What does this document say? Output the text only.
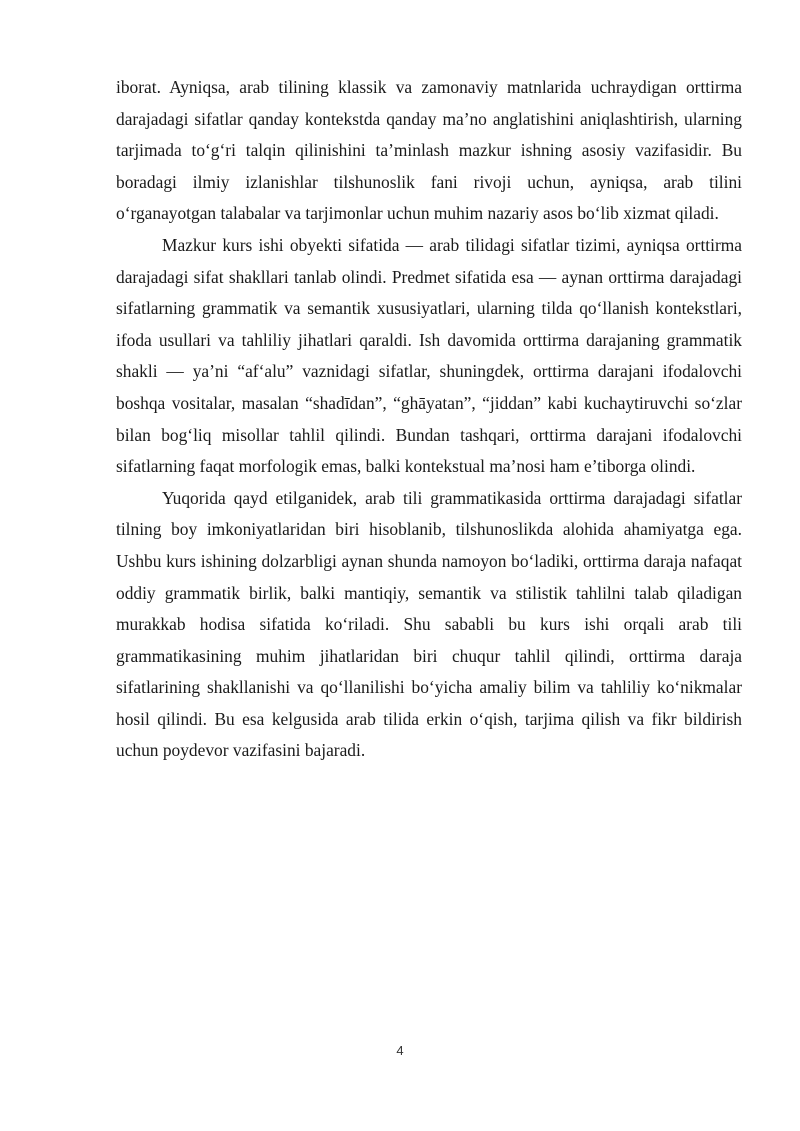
iborat. Ayniqsa, arab tilining klassik va zamonaviy matnlarida uchraydigan orttirma darajadagi sifatlar qanday kontekstda qanday ma’no anglatishini aniqlashtirish, ularning tarjimada to‘g‘ri talqin qilinishini ta’minlash mazkur ishning asosiy vazifasidir. Bu boradagi ilmiy izlanishlar tilshunoslik fani rivoji uchun, ayniqsa, arab tilini o‘rganayotgan talabalar va tarjimonlar uchun muhim nazariy asos bo‘lib xizmat qiladi.

Mazkur kurs ishi obyekti sifatida — arab tilidagi sifatlar tizimi, ayniqsa orttirma darajadagi sifat shakllari tanlab olindi. Predmet sifatida esa — aynan orttirma darajadagi sifatlarning grammatik va semantik xususiyatlari, ularning tilda qo‘llanish kontekstlari, ifoda usullari va tahliliy jihatlari qaraldi. Ish davomida orttirma darajaning grammatik shakli — ya’ni “af‘alu” vaznidagi sifatlar, shuningdek, orttirma darajani ifodalovchi boshqa vositalar, masalan “shadīdan”, “ghāyatan”, “jiddan” kabi kuchaytiruvchi so‘zlar bilan bog‘liq misollar tahlil qilindi. Bundan tashqari, orttirma darajani ifodalovchi sifatlarning faqat morfologik emas, balki kontekstual ma’nosi ham e’tiborga olindi.

Yuqorida qayd etilganidek, arab tili grammatikasida orttirma darajadagi sifatlar tilning boy imkoniyatlaridan biri hisoblanib, tilshunoslikda alohida ahamiyatga ega. Ushbu kurs ishining dolzarbligi aynan shunda namoyon bo‘ladiki, orttirma daraja nafaqat oddiy grammatik birlik, balki mantiqiy, semantik va stilistik tahlilni talab qiladigan murakkab hodisa sifatida ko‘riladi. Shu sababli bu kurs ishi orqali arab tili grammatikasining muhim jihatlaridan biri chuqur tahlil qilindi, orttirma daraja sifatlarining shakllanishi va qo‘llanilishi bo‘yicha amaliy bilim va tahliliy ko‘nikmalar hosil qilindi. Bu esa kelgusida arab tilida erkin o‘qish, tarjima qilish va fikr bildirish uchun poydevor vazifasini bajaradi.

4
